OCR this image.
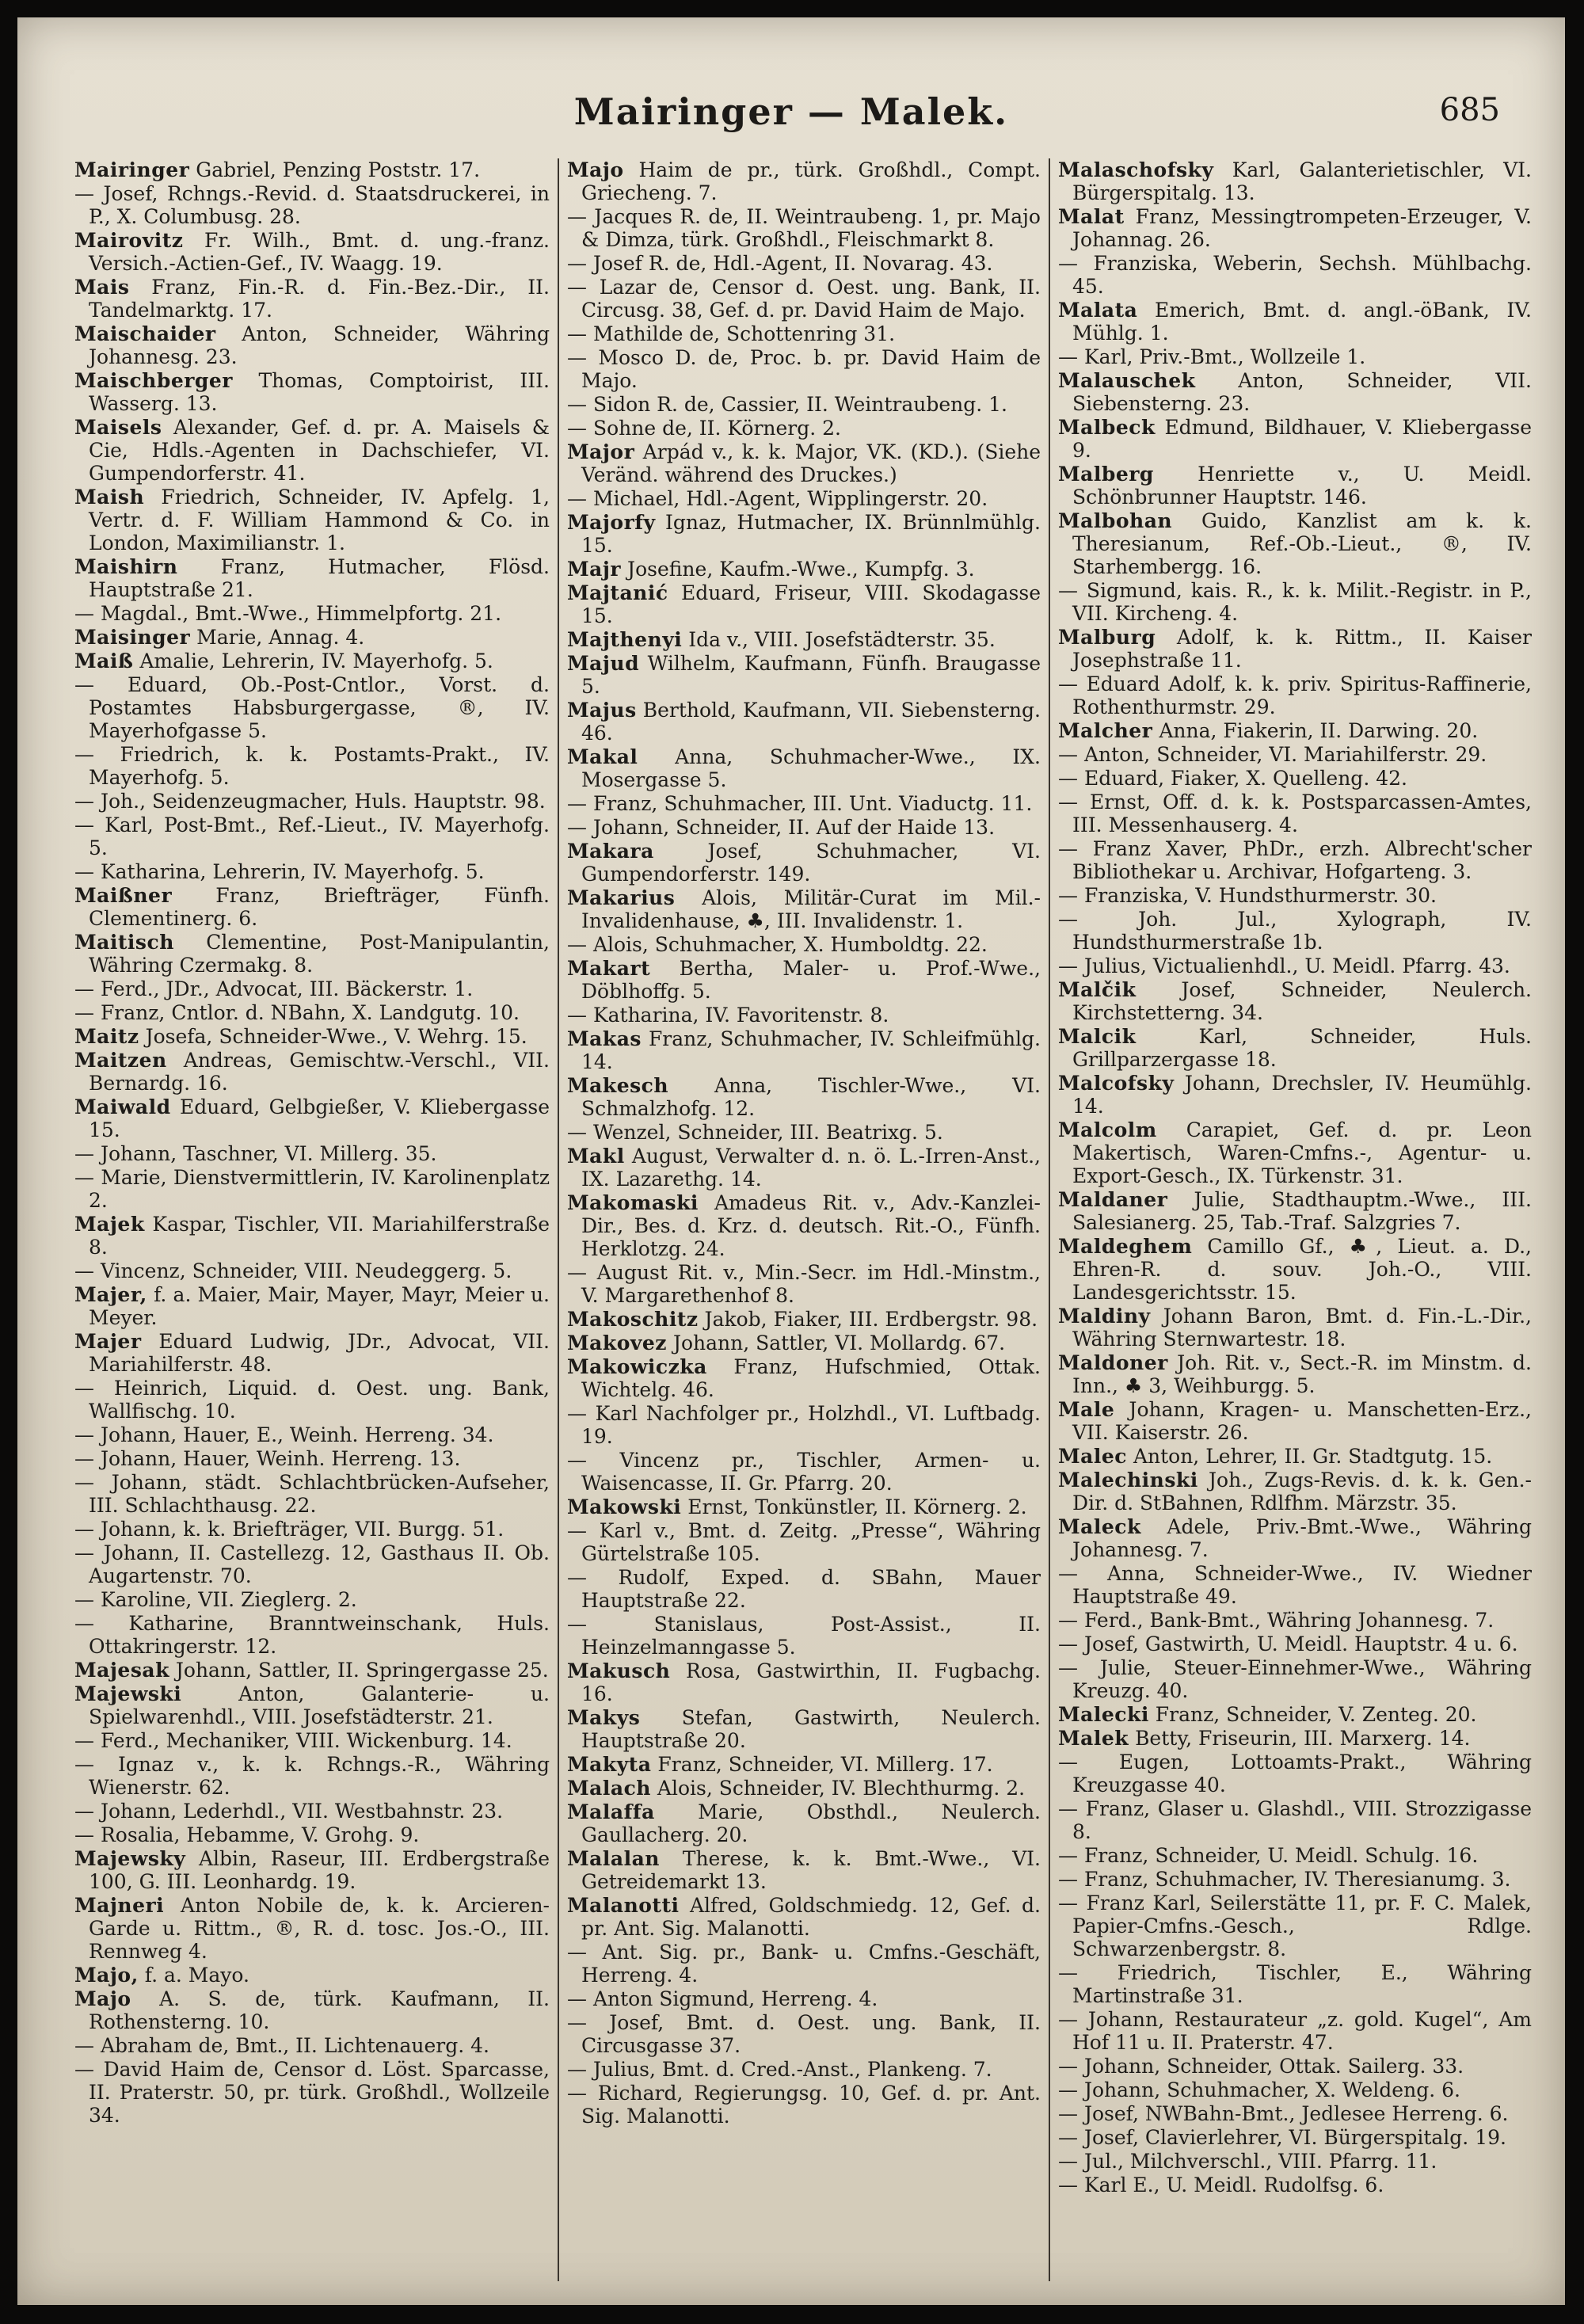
Mairinger — Malek.	685

Mairinger Gabriel, Penzing Poststr. 17.

— Josef, Rchngs.-Revid. d. Staatsdruckerei, in P., X. Columbusg. 28.

Mairovitz Fr. Wilh., Bmt. d. ung.-franz. Versich.-Actien-Gef., IV. Waagg. 19.

Mais Franz, Fin.-R. d. Fin.-Bez.-Dir., II. Tandelmarktg. 17.

Maischaider Anton, Schneider, Währing Johannesg. 23.

Maischberger Thomas, Comptoirist, III. Wasserg. 13.

Maisels Alexander, Gef. d. pr. A. Maisels & Cie, Hdls.-Agenten in Dachschiefer, VI. Gumpendorferstr. 41.

Maish Friedrich, Schneider, IV. Apfelg. 1, Vertr. d. F. William Hammond & Co. in London, Maximilianstr. 1.

Maishirn Franz, Hutmacher, Flösd. Hauptstraße 21.

— Magdal., Bmt.-Wwe., Himmelpfortg. 21.

Maisinger Marie, Annag. 4.

Maiß Amalie, Lehrerin, IV. Mayerhofg. 5.

— Eduard, Ob.-Post-Cntlor., Vorst. d. Postamtes Habsburgergasse, ®, IV. Mayerhofgasse 5.

— Friedrich, k. k. Postamts-Prakt., IV. Mayerhofg. 5.

— Joh., Seidenzeugmacher, Huls. Hauptstr. 98.

— Karl, Post-Bmt., Ref.-Lieut., IV. Mayerhofg. 5.

— Katharina, Lehrerin, IV. Mayerhofg. 5.

Maißner Franz, Briefträger, Fünfh. Clementinerg. 6.

Maitisch Clementine, Post-Manipulantin, Währing Czermakg. 8.

— Ferd., JDr., Advocat, III. Bäckerstr. 1.

— Franz, Cntlor. d. NBahn, X. Landgutg. 10.

Maitz Josefa, Schneider-Wwe., V. Wehrg. 15.

Maitzen Andreas, Gemischtw.-Verschl., VII. Bernardg. 16.

Maiwald Eduard, Gelbgießer, V. Kliebergasse 15.

— Johann, Taschner, VI. Millerg. 35.

— Marie, Dienstvermittlerin, IV. Karolinenplatz 2.

Majek Kaspar, Tischler, VII. Mariahilferstraße 8.

— Vincenz, Schneider, VIII. Neudeggerg. 5.

Majer, f. a. Maier, Mair, Mayer, Mayr, Meier u. Meyer.

Majer Eduard Ludwig, JDr., Advocat, VII. Mariahilferstr. 48.

— Heinrich, Liquid. d. Oest. ung. Bank, Wallfischg. 10.

— Johann, Hauer, E., Weinh. Herreng. 34.

— Johann, Hauer, Weinh. Herreng. 13.

— Johann, städt. Schlachtbrücken-Aufseher, III. Schlachthausg. 22.

— Johann, k. k. Briefträger, VII. Burgg. 51.

— Johann, II. Castellezg. 12, Gasthaus II. Ob. Augartenstr. 70.

— Karoline, VII. Zieglerg. 2.

— Katharine, Branntweinschank, Huls. Ottakringerstr. 12.

Majesak Johann, Sattler, II. Springergasse 25.

Majewski	Anton, Galanterie- u. Spielwarenhdl., VIII. Josefstädterstr. 21.

— Ferd., Mechaniker, VIII. Wickenburg. 14.

— Ignaz v., k. k. Rchngs.-R., Währing Wienerstr. 62.

— Johann, Lederhdl., VII. Westbahnstr. 23.

— Rosalia, Hebamme, V. Grohg. 9.

Majewsky Albin, Raseur, III. Erdbergstraße 100, G. III. Leonhardg. 19.

Majneri Anton Nobile de, k. k. Arcieren-Garde u. Rittm., ®, R. d. tosc. Jos.-O., III. Rennweg 4.

Majo, f. a. Mayo.

Majo A. S. de, türk. Kaufmann, II. Rothensterng. 10.

— Abraham de, Bmt., II. Lichtenauerg. 4.

— David Haim de, Censor d. Löst. Sparcasse, II. Praterstr. 50, pr. türk. Großhdl., Wollzeile 34.

Majo Haim de pr., türk. Großhdl., Compt. Griecheng. 7.

— Jacques R. de, II. Weintraubeng. 1, pr. Majo & Dimza, türk. Großhdl., Fleischmarkt 8.

— Josef R. de, Hdl.-Agent, II. Novarag. 43.

— Lazar de, Censor d. Oest. ung. Bank, II. Circusg. 38, Gef. d. pr. David Haim de Majo.

— Mathilde de, Schottenring 31.

— Mosco D. de, Proc. b. pr. David Haim de Majo.

— Sidon R. de, Cassier, II. Weintraubeng. 1.

— Sohne de, II. Körnerg. 2.

Major Arpád v., k. k. Major, VK. (KD.). (Siehe Veränd. während des Druckes.)

— Michael, Hdl.-Agent, Wipplingerstr. 20.

Majorfy Ignaz, Hutmacher, IX. Brünnlmühlg. 15.

Majr Josefine, Kaufm.-Wwe., Kumpfg. 3.

Majtanić Eduard, Friseur, VIII. Skodagasse 15.

Majthenyi Ida v., VIII. Josefstädterstr. 35.

Majud Wilhelm, Kaufmann, Fünfh. Braugasse 5.

Majus Berthold, Kaufmann, VII. Siebensterng. 46.

Makal Anna, Schuhmacher-Wwe., IX. Mosergasse 5.

— Franz, Schuhmacher, III. Unt. Viaductg. 11.

— Johann, Schneider, II. Auf der Haide 13.

Makara	Josef, Schuhmacher, VI. Gumpendorferstr. 149.

Makarius Alois, Militär-Curat im Mil.-Invalidenhause, ♣, III. Invalidenstr. 1.

— Alois, Schuhmacher, X. Humboldtg. 22.

Makart Bertha, Maler- u. Prof.-Wwe., Döblhoffg. 5.

— Katharina, IV. Favoritenstr. 8.

Makas Franz, Schuhmacher, IV. Schleifmühlg. 14.

Makesch Anna, Tischler-Wwe., VI. Schmalzhofg. 12.

— Wenzel, Schneider, III. Beatrixg. 5.

Makl August, Verwalter d. n. ö. L.-Irren-Anst., IX. Lazarethg. 14.

Makomaski Amadeus Rit. v., Adv.-Kanzlei-Dir., Bes. d. Krz. d. deutsch. Rit.-O., Fünfh. Herklotzg. 24.

— August Rit. v., Min.-Secr. im Hdl.-Minstm., V. Margarethenhof 8.

Makoschitz Jakob, Fiaker, III. Erdbergstr. 98.

Makovez Johann, Sattler, VI. Mollardg. 67.

Makowiczka Franz, Hufschmied, Ottak. Wichtelg. 46.

— Karl Nachfolger pr., Holzhdl., VI. Luftbadg. 19.

— Vincenz pr., Tischler, Armen- u. Waisencasse, II. Gr. Pfarrg. 20.

Makowski Ernst, Tonkünstler, II. Körnerg. 2.

— Karl v., Bmt. d. Zeitg. „Presse“, Währing Gürtelstraße 105.

— Rudolf, Exped. d. SBahn, Mauer Hauptstraße 22.

— Stanislaus, Post-Assist., II. Heinzelmanngasse 5.

Makusch Rosa, Gastwirthin, II. Fugbachg. 16.

Makys Stefan, Gastwirth, Neulerch. Hauptstraße 20.

Makyta Franz, Schneider, VI. Millerg. 17.

Malach Alois, Schneider, IV. Blechthurmg. 2.

Malaffa Marie, Obsthdl., Neulerch. Gaullacherg. 20.

Malalan Therese, k. k. Bmt.-Wwe., VI. Getreidemarkt 13.

Malanotti Alfred, Goldschmiedg. 12, Gef. d. pr. Ant. Sig. Malanotti.

— Ant. Sig. pr., Bank- u. Cmfns.-Geschäft, Herreng. 4.

— Anton Sigmund, Herreng. 4.

— Josef, Bmt. d. Oest. ung. Bank, II. Circusgasse 37.

— Julius, Bmt. d. Cred.-Anst., Plankeng. 7.

— Richard, Regierungsg. 10, Gef. d. pr. Ant. Sig. Malanotti.

Malaschofsky Karl, Galanterietischler, VI. Bürgerspitalg. 13.

Malat Franz, Messingtrompeten-Erzeuger, V. Johannag. 26.

— Franziska, Weberin, Sechsh. Mühlbachg. 45.

Malata Emerich, Bmt. d. angl.-öBank, IV. Mühlg. 1.

— Karl, Priv.-Bmt., Wollzeile 1.

Malauschek Anton, Schneider, VII. Siebensterng. 23.

Malbeck Edmund, Bildhauer, V. Kliebergasse 9.

Malberg Henriette v., U. Meidl. Schönbrunner Hauptstr. 146.

Malbohan Guido, Kanzlist am k. k. Theresianum, Ref.-Ob.-Lieut., ®, IV. Starhembergg. 16.

— Sigmund, kais. R., k. k. Milit.-Registr. in P., VII. Kircheng. 4.

Malburg Adolf, k. k. Rittm., II. Kaiser Josephstraße 11.

— Eduard Adolf, k. k. priv. Spiritus-Raffinerie, Rothenthurmstr. 29.

Malcher Anna, Fiakerin, II. Darwing. 20.

— Anton, Schneider, VI. Mariahilferstr. 29.

— Eduard, Fiaker, X. Quelleng. 42.

— Ernst, Off. d. k. k. Postsparcassen-Amtes, III. Messenhauserg. 4.

— Franz Xaver, PhDr., erzh. Albrecht'scher Bibliothekar u. Archivar, Hofgarteng. 3.

— Franziska, V. Hundsthurmerstr. 30.

— Joh. Jul., Xylograph, IV. Hundsthurmerstraße 1b.

— Julius, Victualienhdl., U. Meidl. Pfarrg. 43.

Malčik Josef, Schneider, Neulerch. Kirchstetterng. 34.

Malcik	Karl, Schneider, Huls. Grillparzergasse 18.

Malcofsky Johann, Drechsler, IV. Heumühlg. 14.

Malcolm Carapiet, Gef. d. pr. Leon Makertisch, Waren-Cmfns.-, Agentur- u. Export-Gesch., IX. Türkenstr. 31.

Maldaner Julie, Stadthauptm.-Wwe., III. Salesianerg. 25, Tab.-Traf. Salzgries 7.

Maldeghem Camillo Gf., ♣, Lieut. a. D., Ehren-R. d. souv. Joh.-O., VIII. Landesgerichtsstr. 15.

Maldiny Johann Baron, Bmt. d. Fin.-L.-Dir., Währing Sternwartestr. 18.

Maldoner Joh. Rit. v., Sect.-R. im Minstm. d. Inn., ♣ 3, Weihburgg. 5.

Male Johann, Kragen- u. Manschetten-Erz., VII. Kaiserstr. 26.

Malec Anton, Lehrer, II. Gr. Stadtgutg. 15.

Malechinski Joh., Zugs-Revis. d. k. k. Gen.-Dir. d. StBahnen, Rdlfhm. Märzstr. 35.

Maleck Adele, Priv.-Bmt.-Wwe., Währing Johannesg. 7.

— Anna, Schneider-Wwe., IV. Wiedner Hauptstraße 49.

— Ferd., Bank-Bmt., Währing Johannesg. 7.

— Josef, Gastwirth, U. Meidl. Hauptstr. 4 u. 6.

— Julie, Steuer-Einnehmer-Wwe., Währing Kreuzg. 40.

Malecki Franz, Schneider, V. Zenteg. 20.

Malek Betty, Friseurin, III. Marxerg. 14.

— Eugen, Lottoamts-Prakt., Währing Kreuzgasse 40.

— Franz, Glaser u. Glashdl., VIII. Strozzigasse 8.

— Franz, Schneider, U. Meidl. Schulg. 16.

— Franz, Schuhmacher, IV. Theresianumg. 3.

— Franz Karl, Seilerstätte 11, pr. F. C. Malek, Papier-Cmfns.-Gesch., Rdlge. Schwarzenbergstr. 8.

— Friedrich, Tischler, E., Währing Martinstraße 31.

— Johann, Restaurateur „z. gold. Kugel“, Am Hof 11 u. II. Praterstr. 47.

— Johann, Schneider, Ottak. Sailerg. 33.

— Johann, Schuhmacher, X. Weldeng. 6.

— Josef, NWBahn-Bmt., Jedlesee Herreng. 6.

— Josef, Clavierlehrer, VI. Bürgerspitalg. 19.

— Jul., Milchverschl., VIII. Pfarrg. 11.

— Karl E., U. Meidl. Rudolfsg. 6.
